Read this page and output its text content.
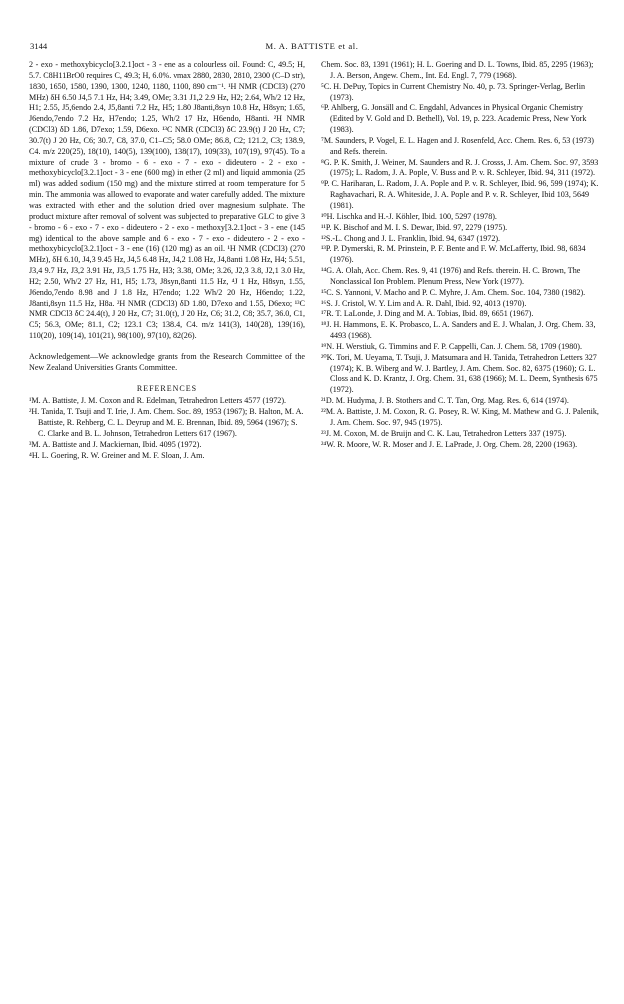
3144	M. A. BATTISTE et al.

2 - exo - methoxybicyclo[3.2.1]oct - 3 - ene as a colourless oil. Found: C, 49.5; H, 5.7. C8H11BrO0 requires C, 49.3; H, 6.0%. νmax 2880, 2830, 2810, 2300 (C–D str), 1830, 1650, 1580, 1390, 1300, 1240, 1180, 1100, 890 cm⁻¹. ¹H NMR (CDCl3) (270 MHz) δH 6.50 J4,5 7.1 Hz, H4; 3.49, OMe; 3.31 J1,2 2.9 Hz, H2; 2.64, Wh/2 12 Hz, H1; 2.55, J5,6endo 2.4, J5,8anti 7.2 Hz, H5; 1.80 J8anti,8syn 10.8 Hz, H8syn; 1.65, J6endo,7endo 7.2 Hz, H7endo; 1.25, Wh/2 17 Hz, H6endo, H8anti. ²H NMR (CDCl3) δD 1.86, D7exo; 1.59, D6exo. ¹³C NMR (CDCl3) δC 23.9(t) J 20 Hz, C7; 30.7(t) J 20 Hz, C6; 30.7, C8, 37.0, C1–C5; 58.0 OMe; 86.8, C2; 121.2, C3; 138.9, C4. m/z 220(25), 18(10), 140(5), 139(100), 138(17), 109(33), 107(19), 97(45). To a mixture of crude 3 - bromo - 6 - exo - 7 - exo - dideutero - 2 - exo - methoxybicyclo[3.2.1]oct - 3 - ene (600 mg) in ether (2 ml) and liquid ammonia (25 ml) was added sodium (150 mg) and the mixture stirred at room temperature for 5 min. The ammonia was allowed to evaporate and water carefully added. The mixture was extracted with ether and the solution dried over magnesium sulphate. The product mixture after removal of solvent was subjected to preparative GLC to give 3 - bromo - 6 - exo - 7 - exo - dideutero - 2 - exo - methoxy[3.2.1]oct - 3 - ene (145 mg) identical to the above sample and 6 - exo - 7 - exo - dideutero - 2 - exo - methoxybicyclo[3.2.1]oct - 3 - ene (16) (120 mg) as an oil. ¹H NMR (CDCl3) (270 MHz), δH 6.10, J4,3 9.45 Hz, J4,5 6.48 Hz, J4,2 1.08 Hz, J4,8anti 1.08 Hz, H4; 5.51, J3,4 9.7 Hz, J3,2 3.91 Hz, J3,5 1.75 Hz, H3; 3.38, OMe; 3.26, J2,3 3.8, J2,1 3.0 Hz, H2; 2.50, Wh/2 27 Hz, H1, H5; 1.73, J8syn,8anti 11.5 Hz, ⁴J 1 Hz, H8syn, 1.55, J6endo,7endo 8.98 and J 1.8 Hz, H7endo; 1.22 Wh/2 20 Hz, H6endo; 1.22, J8anti,8syn 11.5 Hz, H8a. ²H NMR (CDCl3) δD 1.80, D7exo and 1.55, D6exo; ¹³C NMR CDCl3 δC 24.4(t), J 20 Hz, C7; 31.0(t), J 20 Hz, C6; 31.2, C8; 35.7, 36.0, C1, C5; 56.3, OMe; 81.1, C2; 123.1 C3; 138.4, C4. m/z 141(3), 140(28), 139(16), 110(20), 109(14), 101(21), 98(100), 97(10), 82(26).

Acknowledgement—We acknowledge grants from the Research Committee of the New Zealand Universities Grants Committee.

REFERENCES

¹M. A. Battiste, J. M. Coxon and R. Edelman, Tetrahedron Letters 4577 (1972).

²H. Tanida, T. Tsuji and T. Irie, J. Am. Chem. Soc. 89, 1953 (1967); B. Halton, M. A. Battiste, R. Rehberg, C. L. Deyrup and M. E. Brennan, Ibid. 89, 5964 (1967); S. C. Clarke and B. L. Johnson, Tetrahedron Letters 617 (1967).

³M. A. Battiste and J. Mackiernan, Ibid. 4095 (1972).

⁴H. L. Goering, R. W. Greiner and M. F. Sloan, J. Am.

Chem. Soc. 83, 1391 (1961); H. L. Goering and D. L. Towns, Ibid. 85, 2295 (1963); J. A. Berson, Angew. Chem., Int. Ed. Engl. 7, 779 (1968).

⁵C. H. DePuy, Topics in Current Chemistry No. 40, p. 73. Springer-Verlag, Berlin (1973).

⁶P. Ahlberg, G. Jonsäll and C. Engdahl, Advances in Physical Organic Chemistry (Edited by V. Gold and D. Bethell), Vol. 19, p. 223. Academic Press, New York (1983).

⁷M. Saunders, P. Vogel, E. L. Hagen and J. Rosenfeld, Acc. Chem. Res. 6, 53 (1973) and Refs. therein.

⁸G. P. K. Smith, J. Weiner, M. Saunders and R. J. Crosss, J. Am. Chem. Soc. 97, 3593 (1975); L. Radom, J. A. Pople, V. Buss and P. v. R. Schleyer, Ibid. 94, 311 (1972).

⁹P. C. Hariharan, L. Radom, J. A. Pople and P. v. R. Schleyer, Ibid. 96, 599 (1974); K. Raghavachari, R. A. Whiteside, J. A. Pople and P. v. R. Schleyer, Ibid 103, 5649 (1981).

¹⁰H. Lischka and H.-J. Köhler, Ibid. 100, 5297 (1978).

¹¹P. K. Bischof and M. I. S. Dewar, Ibid. 97, 2279 (1975).

¹²S.-L. Chong and J. L. Franklin, Ibid. 94, 6347 (1972).

¹³P. P. Dymerski, R. M. Prinstein, P. F. Bente and F. W. McLafferty, Ibid. 98, 6834 (1976).

¹⁴G. A. Olah, Acc. Chem. Res. 9, 41 (1976) and Refs. therein. H. C. Brown, The Nonclassical Ion Problem. Plenum Press, New York (1977).

¹⁵C. S. Yannoni, V. Macho and P. C. Myhre, J. Am. Chem. Soc. 104, 7380 (1982).

¹⁶S. J. Cristol, W. Y. Lim and A. R. Dahl, Ibid. 92, 4013 (1970).

¹⁷R. T. LaLonde, J. Ding and M. A. Tobias, Ibid. 89, 6651 (1967).

¹⁸J. H. Hammons, E. K. Probasco, L. A. Sanders and E. J. Whalan, J. Org. Chem. 33, 4493 (1968).

¹⁹N. H. Werstiuk, G. Timmins and F. P. Cappelli, Can. J. Chem. 58, 1709 (1980).

²⁰K. Tori, M. Ueyama, T. Tsuji, J. Matsumara and H. Tanida, Tetrahedron Letters 327 (1974); K. B. Wiberg and W. J. Bartley, J. Am. Chem. Soc. 82, 6375 (1960); G. L. Closs and K. D. Krantz, J. Org. Chem. 31, 638 (1966); M. L. Deem, Synthesis 675 (1972).

²¹D. M. Hudyma, J. B. Stothers and C. T. Tan, Org. Mag. Res. 6, 614 (1974).

²²M. A. Battiste, J. M. Coxon, R. G. Posey, R. W. King, M. Mathew and G. J. Palenik, J. Am. Chem. Soc. 97, 945 (1975).

²³J. M. Coxon, M. de Bruijn and C. K. Lau, Tetrahedron Letters 337 (1975).

²⁴W. R. Moore, W. R. Moser and J. E. LaPrade, J. Org. Chem. 28, 2200 (1963).
